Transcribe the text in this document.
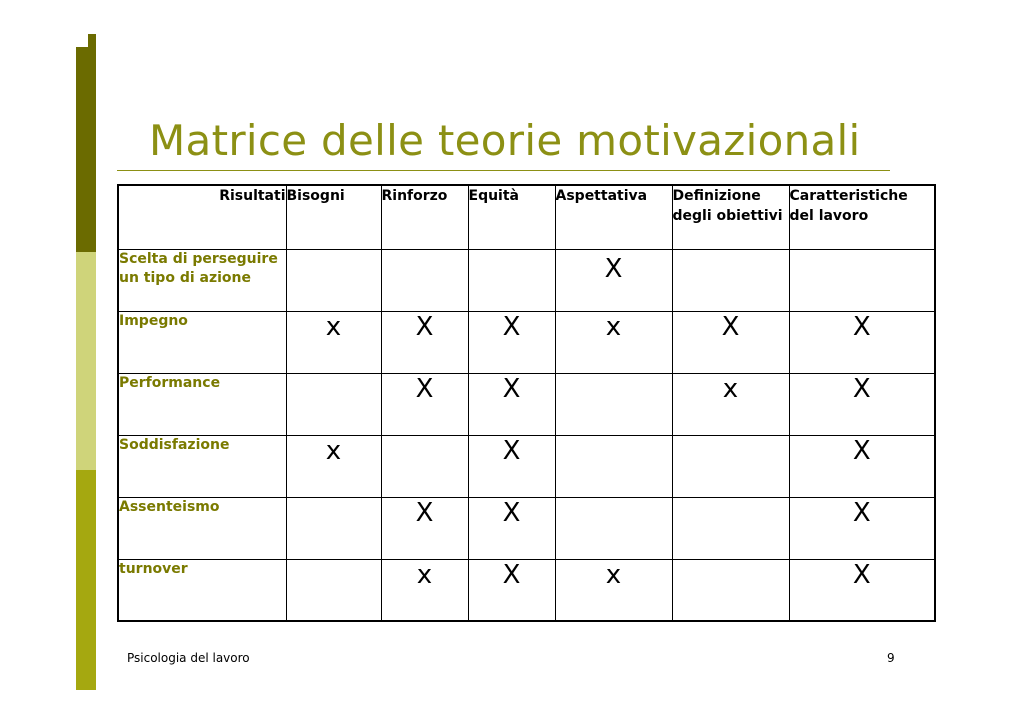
Matrice delle teorie motivazionali
Risultati	Bisogni	Rinforzo	Equità	Aspettativa	Definizione degli obiettivi	Caratteristiche del lavoro
Scelta di perseguire un tipo di azione				X		
Impegno	x	X	X	x	X	X
Performance		X	X		x	X
Soddisfazione	x		X			X
Assenteismo		X	X			X
turnover		x	X	x		X
Psicologia del lavoro	9
